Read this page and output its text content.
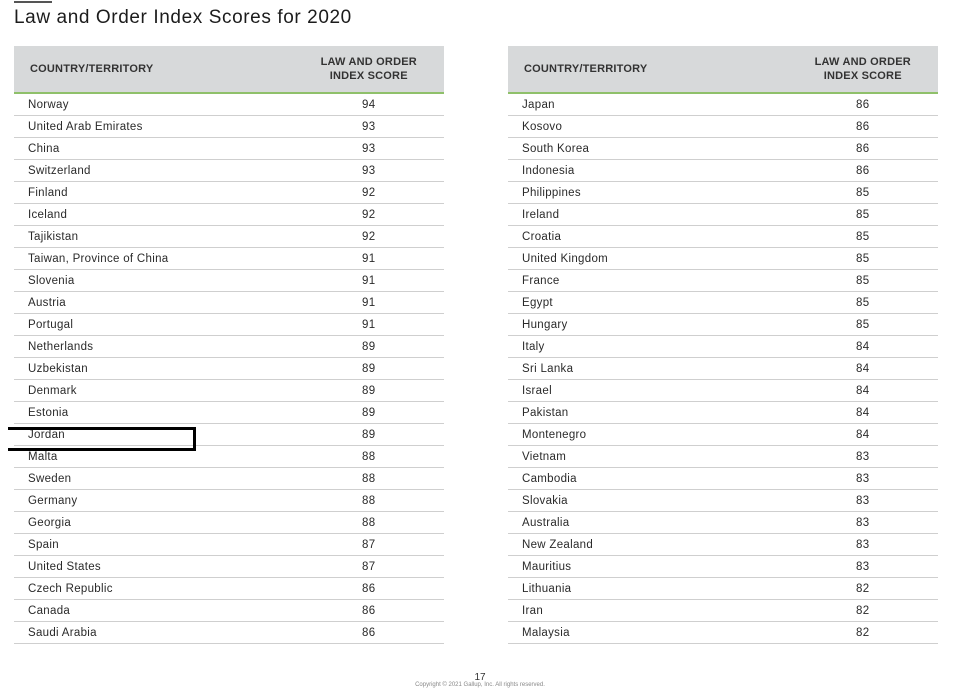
Law and Order Index Scores for 2020
COUNTRY/TERRITORY	LAW AND ORDER
INDEX SCORE
Norway	94
United Arab Emirates	93
China	93
Switzerland	93
Finland	92
Iceland	92
Tajikistan	92
Taiwan, Province of China	91
Slovenia	91
Austria	91
Portugal	91
Netherlands	89
Uzbekistan	89
Denmark	89
Estonia	89
Jordan	89
Malta	88
Sweden	88
Germany	88
Georgia	88
Spain	87
United States	87
Czech Republic	86
Canada	86
Saudi Arabia	86
COUNTRY/TERRITORY	LAW AND ORDER
INDEX SCORE
Japan	86
Kosovo	86
South Korea	86
Indonesia	86
Philippines	85
Ireland	85
Croatia	85
United Kingdom	85
France	85
Egypt	85
Hungary	85
Italy	84
Sri Lanka	84
Israel	84
Pakistan	84
Montenegro	84
Vietnam	83
Cambodia	83
Slovakia	83
Australia	83
New Zealand	83
Mauritius	83
Lithuania	82
Iran	82
Malaysia	82
17
Copyright © 2021 Gallup, Inc. All rights reserved.
